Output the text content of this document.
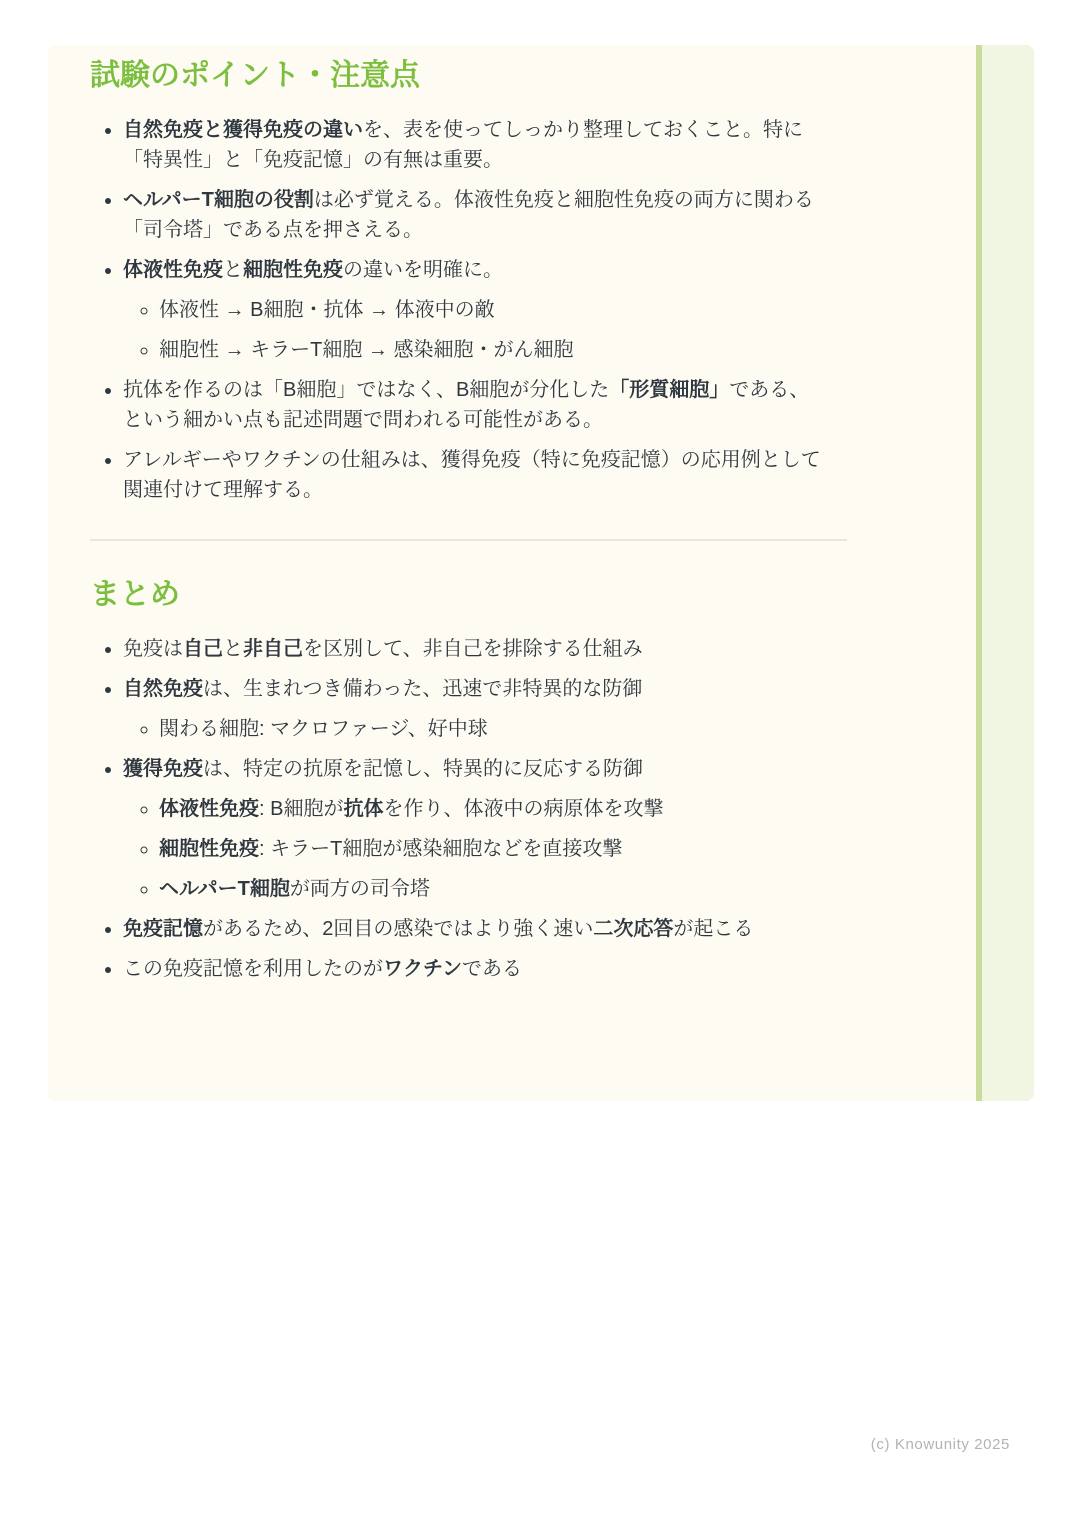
試験のポイント・注意点
• 自然免疫と獲得免疫の違いを、表を使ってしっかり整理しておくこと。特に「特異性」と「免疫記憶」の有無は重要。
• ヘルパーT細胞の役割は必ず覚える。体液性免疫と細胞性免疫の両方に関わる「司令塔」である点を押さえる。
• 体液性免疫と細胞性免疫の違いを明確に。
◦ 体液性 → B細胞・抗体 → 体液中の敵
◦ 細胞性 → キラーT細胞 → 感染細胞・がん細胞
• 抗体を作るのは「B細胞」ではなく、B細胞が分化した「形質細胞」である、という細かい点も記述問題で問われる可能性がある。
• アレルギーやワクチンの仕組みは、獲得免疫（特に免疫記憶）の応用例として関連付けて理解する。
まとめ
• 免疫は自己と非自己を区別して、非自己を排除する仕組み
• 自然免疫は、生まれつき備わった、迅速で非特異的な防御
◦ 関わる細胞: マクロファージ、好中球
• 獲得免疫は、特定の抗原を記憶し、特異的に反応する防御
◦ 体液性免疫: B細胞が抗体を作り、体液中の病原体を攻撃
◦ 細胞性免疫: キラーT細胞が感染細胞などを直接攻撃
◦ ヘルパーT細胞が両方の司令塔
• 免疫記憶があるため、2回目の感染ではより強く速い二次応答が起こる
• この免疫記憶を利用したのがワクチンである
(c) Knowunity 2025
